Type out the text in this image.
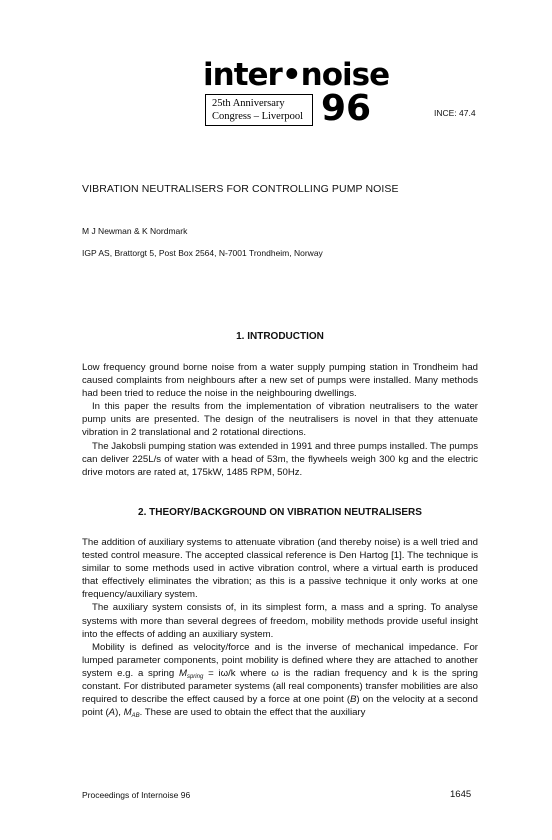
inter•noise
25th Anniversary
Congress – Liverpool 96	INCE: 47.4
VIBRATION NEUTRALISERS FOR CONTROLLING PUMP NOISE
M J Newman & K Nordmark
IGP AS, Brattorgt 5, Post Box 2564, N-7001 Trondheim, Norway
1. INTRODUCTION

Low frequency ground borne noise from a water supply pumping station in Trondheim had caused complaints from neighbours after a new set of pumps were installed. Many methods had been tried to reduce the noise in the neighbouring dwellings.

In this paper the results from the implementation of vibration neutralisers to the water pump units are presented. The design of the neutralisers is novel in that they attenuate vibration in 2 translational and 2 rotational directions.

The Jakobsli pumping station was extended in 1991 and three pumps installed. The pumps can deliver 225L/s of water with a head of 53m, the flywheels weigh 300 kg and the electric drive motors are rated at, 175kW, 1485 RPM, 50Hz.

2. THEORY/BACKGROUND ON VIBRATION NEUTRALISERS

The addition of auxiliary systems to attenuate vibration (and thereby noise) is a well tried and tested control measure. The accepted classical reference is Den Hartog [1]. The technique is similar to some methods used in active vibration control, where a virtual earth is produced that effectively eliminates the vibration; as this is a passive technique it only works at one frequency/auxiliary system.

The auxiliary system consists of, in its simplest form, a mass and a spring. To analyse systems with more than several degrees of freedom, mobility methods provide useful insight into the effects of adding an auxiliary system.

Mobility is defined as velocity/force and is the inverse of mechanical impedance. For lumped parameter components, point mobility is defined where they are attached to another system e.g. a spring $M_{spring} = i\omega/k$ where ω is the radian frequency and k is the spring constant. For distributed parameter systems (all real components) transfer mobilities are also required to describe the effect caused by a force at one point (B) on the velocity at a second point (A), $M_{AB}$. These are used to obtain the effect that the auxiliary

Proceedings of Internoise 96	1645
